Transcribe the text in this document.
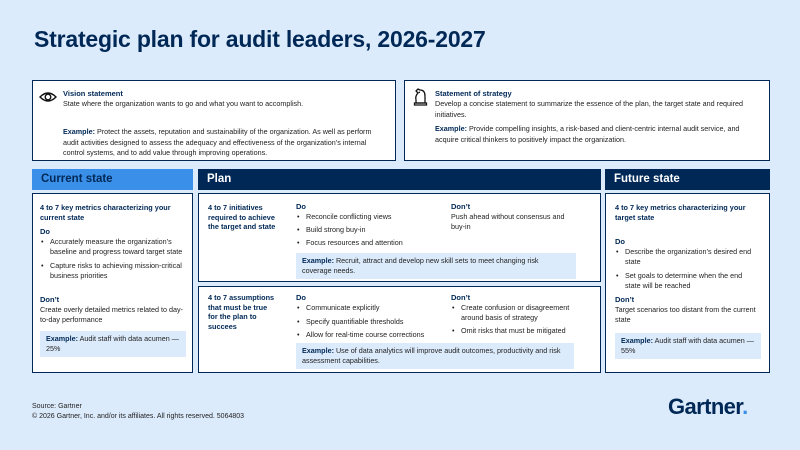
Strategic plan for audit leaders, 2026-2027
Vision statement
State where the organization wants to go and what you want to accomplish.
Example: Protect the assets, reputation and sustainability of the organization. As well as perform audit activities designed to assess the adequacy and effectiveness of the organization’s internal control systems, and to add value through improving operations.
Statement of strategy
Develop a concise statement to summarize the essence of the plan, the target state and required initiatives.
Example: Provide compelling insights, a risk-based and client-centric internal audit service, and acquire critical thinkers to positively impact the organization.
Current state	Plan	Future state
4 to 7 key metrics characterizing your current state
Do
• Accurately measure the organization’s baseline and progress toward target state
• Capture risks to achieving mission-critical business priorities
Don’t
Create overly detailed metrics related to day-to-day performance
Example: Audit staff with data acumen — 25%
4 to 7 initiatives required to achieve the target and state
Do
• Reconcile conflicting views
• Build strong buy-in
• Focus resources and attention
Don’t
Push ahead without consensus and buy-in
Example: Recruit, attract and develop new skill sets to meet changing risk coverage needs.
4 to 7 assumptions that must be true for the plan to succees
Do
• Communicate explicitly
• Specify quantifiable thresholds
• Allow for real-time course corrections
Don’t
• Create confusion or disagreement around basis of strategy
• Omit risks that must be mitigated
Example: Use of data analytics will improve audit outcomes, productivity and risk assessment capabilities.
4 to 7 key metrics characterizing your target state
Do
• Describe the organization’s desired end state
• Set goals to determine when the end state will be reached
Don’t
Target scenarios too distant from the current state
Example: Audit staff with data acumen — 55%
Source: Gartner
© 2026 Gartner, Inc. and/or its affiliates. All rights reserved. 5064803	Gartner.
